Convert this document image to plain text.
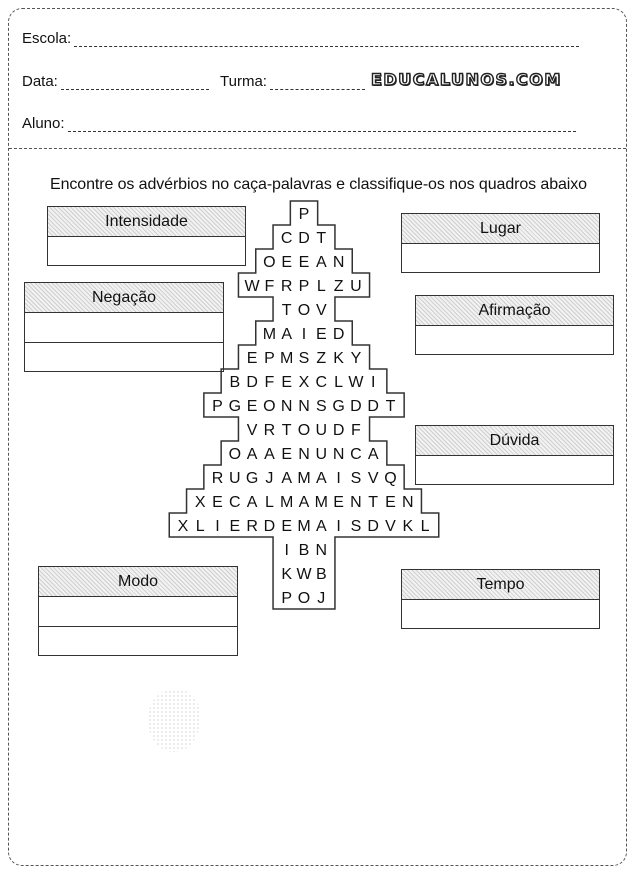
Escola:
Data:	Turma:	EDUCALUNOS.COM
Aluno:
Encontre os advérbios no caça-palavras e classifique-os nos quadros abaixo
Intensidade
Negação
Modo
Lugar
Afirmação
Dúvida
Tempo
P
C D T
O E E A N
W F R P L Z U
T O V
M A I E D
E P M S Z K Y
B D F E X C L W I
P G E O N N S G D D T
V R T O U D F
O A A E N U N C A
R U G J A M A I S V Q
X E C A L M A M E N T E N
X L I E R D E M A I S D V K L
I B N
K W B
P O J
